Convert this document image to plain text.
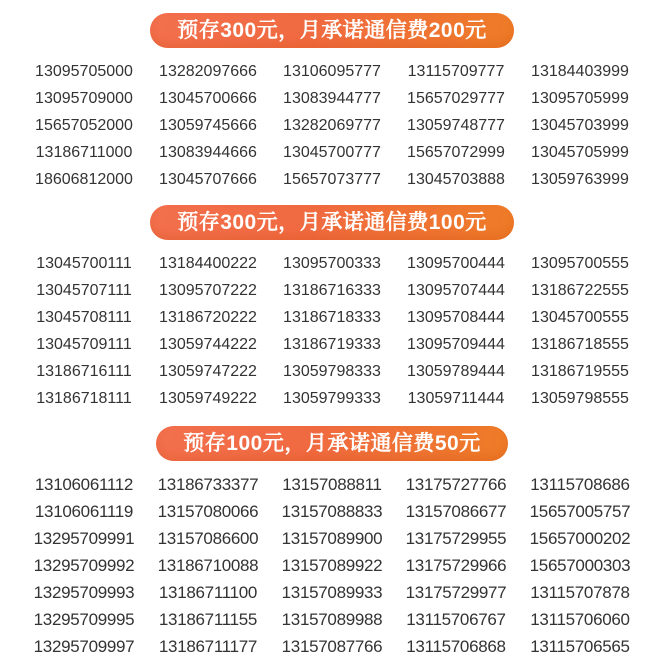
预存300元，月承诺通信费200元
13095705000	13282097666	13106095777	13115709777	13184403999
13095709000	13045700666	13083944777	15657029777	13095705999
15657052000	13059745666	13282069777	13059748777	13045703999
13186711000	13083944666	13045700777	15657072999	13045705999
18606812000	13045707666	15657073777	13045703888	13059763999
预存300元，月承诺通信费100元
13045700111	13184400222	13095700333	13095700444	13095700555
13045707111	13095707222	13186716333	13095707444	13186722555
13045708111	13186720222	13186718333	13095708444	13045700555
13045709111	13059744222	13186719333	13095709444	13186718555
13186716111	13059747222	13059798333	13059789444	13186719555
13186718111	13059749222	13059799333	13059711444	13059798555
预存100元，月承诺通信费50元
13106061112	13186733377	13157088811	13175727766	13115708686
13106061119	13157080066	13157088833	13157086677	15657005757
13295709991	13157086600	13157089900	13175729955	15657000202
13295709992	13186710088	13157089922	13175729966	15657000303
13295709993	13186711100	13157089933	13175729977	13115707878
13295709995	13186711155	13157089988	13115706767	13115706060
13295709997	13186711177	13157087766	13115706868	13115706565
